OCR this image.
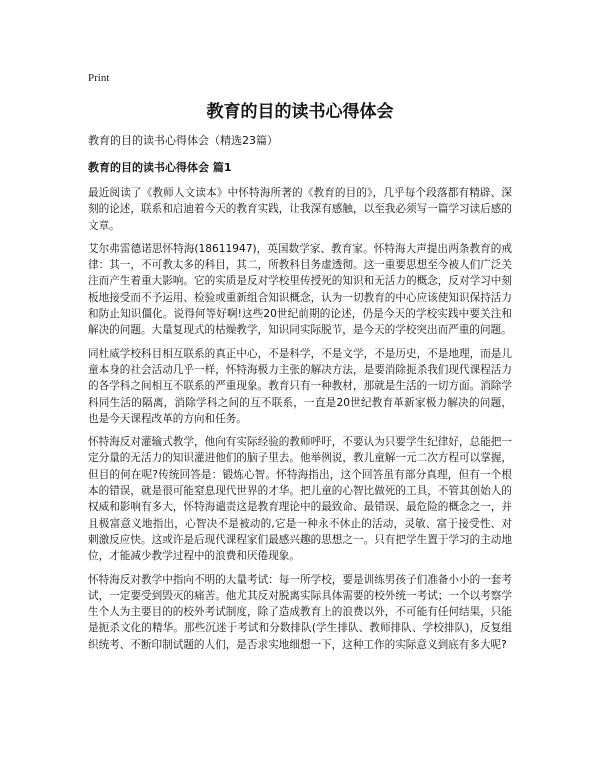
Print
教育的目的读书心得体会

教育的目的读书心得体会（精选23篇）

教育的目的读书心得体会 篇1

最近阅读了《教师人文读本》中怀特海所著的《教育的目的》，几乎每个段落都有精辟、深刻的论述，联系和启迪着今天的教育实践，让我深有感触，以至我必须写一篇学习读后感的文章。

艾尔弗雷德诺思怀特海(18611947)，英国数学家、教育家。怀特海大声提出两条教育的戒律：其一，不可教太多的科目，其二，所教科目务虚透彻。这一重要思想至今被人们广泛关注而产生着重大影响。它的实质是反对学校里传授死的知识和无活力的概念，反对学习中刻板地接受而不予运用、检验或重新组合知识概念，认为一切教育的中心应该使知识保持活力和防止知识僵化。说得何等好啊!这些20世纪前期的论述，仍是今天的学校实践中要关注和解决的问题。大量复现式的枯燥教学，知识同实际脱节，是今天的学校突出而严重的问题。

同杜威学校科目相互联系的真正中心，不是科学，不是文学，不是历史，不是地理，而是儿童本身的社会活动几乎一样，怀特海极力主张的解决方法，是要消除扼杀我们现代课程活力的各学科之间相互不联系的严重现象。教育只有一种教材，那就是生活的一切方面。消除学科同生活的隔离，消除学科之间的互不联系，一直是20世纪教育革新家极力解决的问题，也是今天课程改革的方向和任务。

怀特海反对灌输式教学，他向有实际经验的教师呼吁，不要认为只要学生纪律好，总能把一定分量的无活力的知识灌进他们的脑子里去。他举例说，教儿童解一元二次方程可以掌握，但目的何在呢?传统回答是：锻炼心智。怀特海指出，这个回答虽有部分真理，但有一个根本的错误，就是很可能窒息现代世界的才华。把儿童的心智比做死的工具，不管其创始人的权威和影响有多大，怀特海谴责这是教育理论中的最致命、最错误、最危险的概念之一，并且极富意义地指出，心智决不是被动的,它是一种永不休止的活动，灵敏、富于接受性、对刺激反应快。这或许是后现代课程家们最感兴趣的思想之一。只有把学生置于学习的主动地位，才能减少教学过程中的浪费和厌倦现象。

怀特海反对教学中指向不明的大量考试：每一所学校，要是训练男孩子们准备小小的一套考试，一定要受到毁灭的痛苦。他尤其反对脱离实际具体需要的校外统一考试；一个以考察学生个人为主要目的的校外考试制度，除了造成教育上的浪费以外，不可能有任何结果，只能是扼杀文化的精华。那些沉迷于考试和分数排队(学生排队、教师排队、学校排队)，反复组织统考、不断印制试题的人们，是否求实地细想一下，这种工作的实际意义到底有多大呢?
